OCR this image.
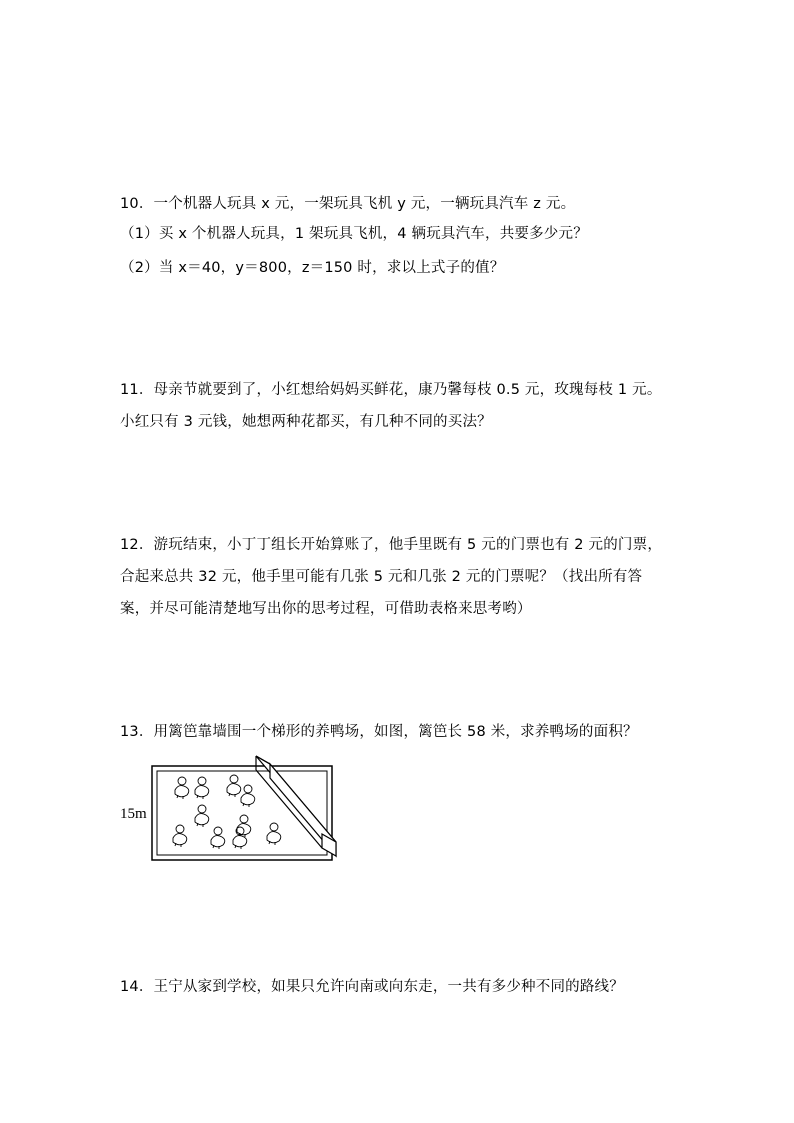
10．一个机器人玩具 x 元，一架玩具飞机 y 元，一辆玩具汽车 z 元。
（1）买 x 个机器人玩具，1 架玩具飞机，4 辆玩具汽车，共要多少元？
（2）当 x＝40，y＝800，z＝150 时，求以上式子的值？
11．母亲节就要到了，小红想给妈妈买鲜花，康乃馨每枝 0.5 元，玫瑰每枝 1 元。
小红只有 3 元钱，她想两种花都买，有几种不同的买法？
12．游玩结束，小丁丁组长开始算账了，他手里既有 5 元的门票也有 2 元的门票，
合起来总共 32 元，他手里可能有几张 5 元和几张 2 元的门票呢？（找出所有答
案，并尽可能清楚地写出你的思考过程，可借助表格来思考哟）
13．用篱笆靠墙围一个梯形的养鸭场，如图，篱笆长 58 米，求养鸭场的面积？
15m
14．王宁从家到学校，如果只允许向南或向东走，一共有多少种不同的路线？
